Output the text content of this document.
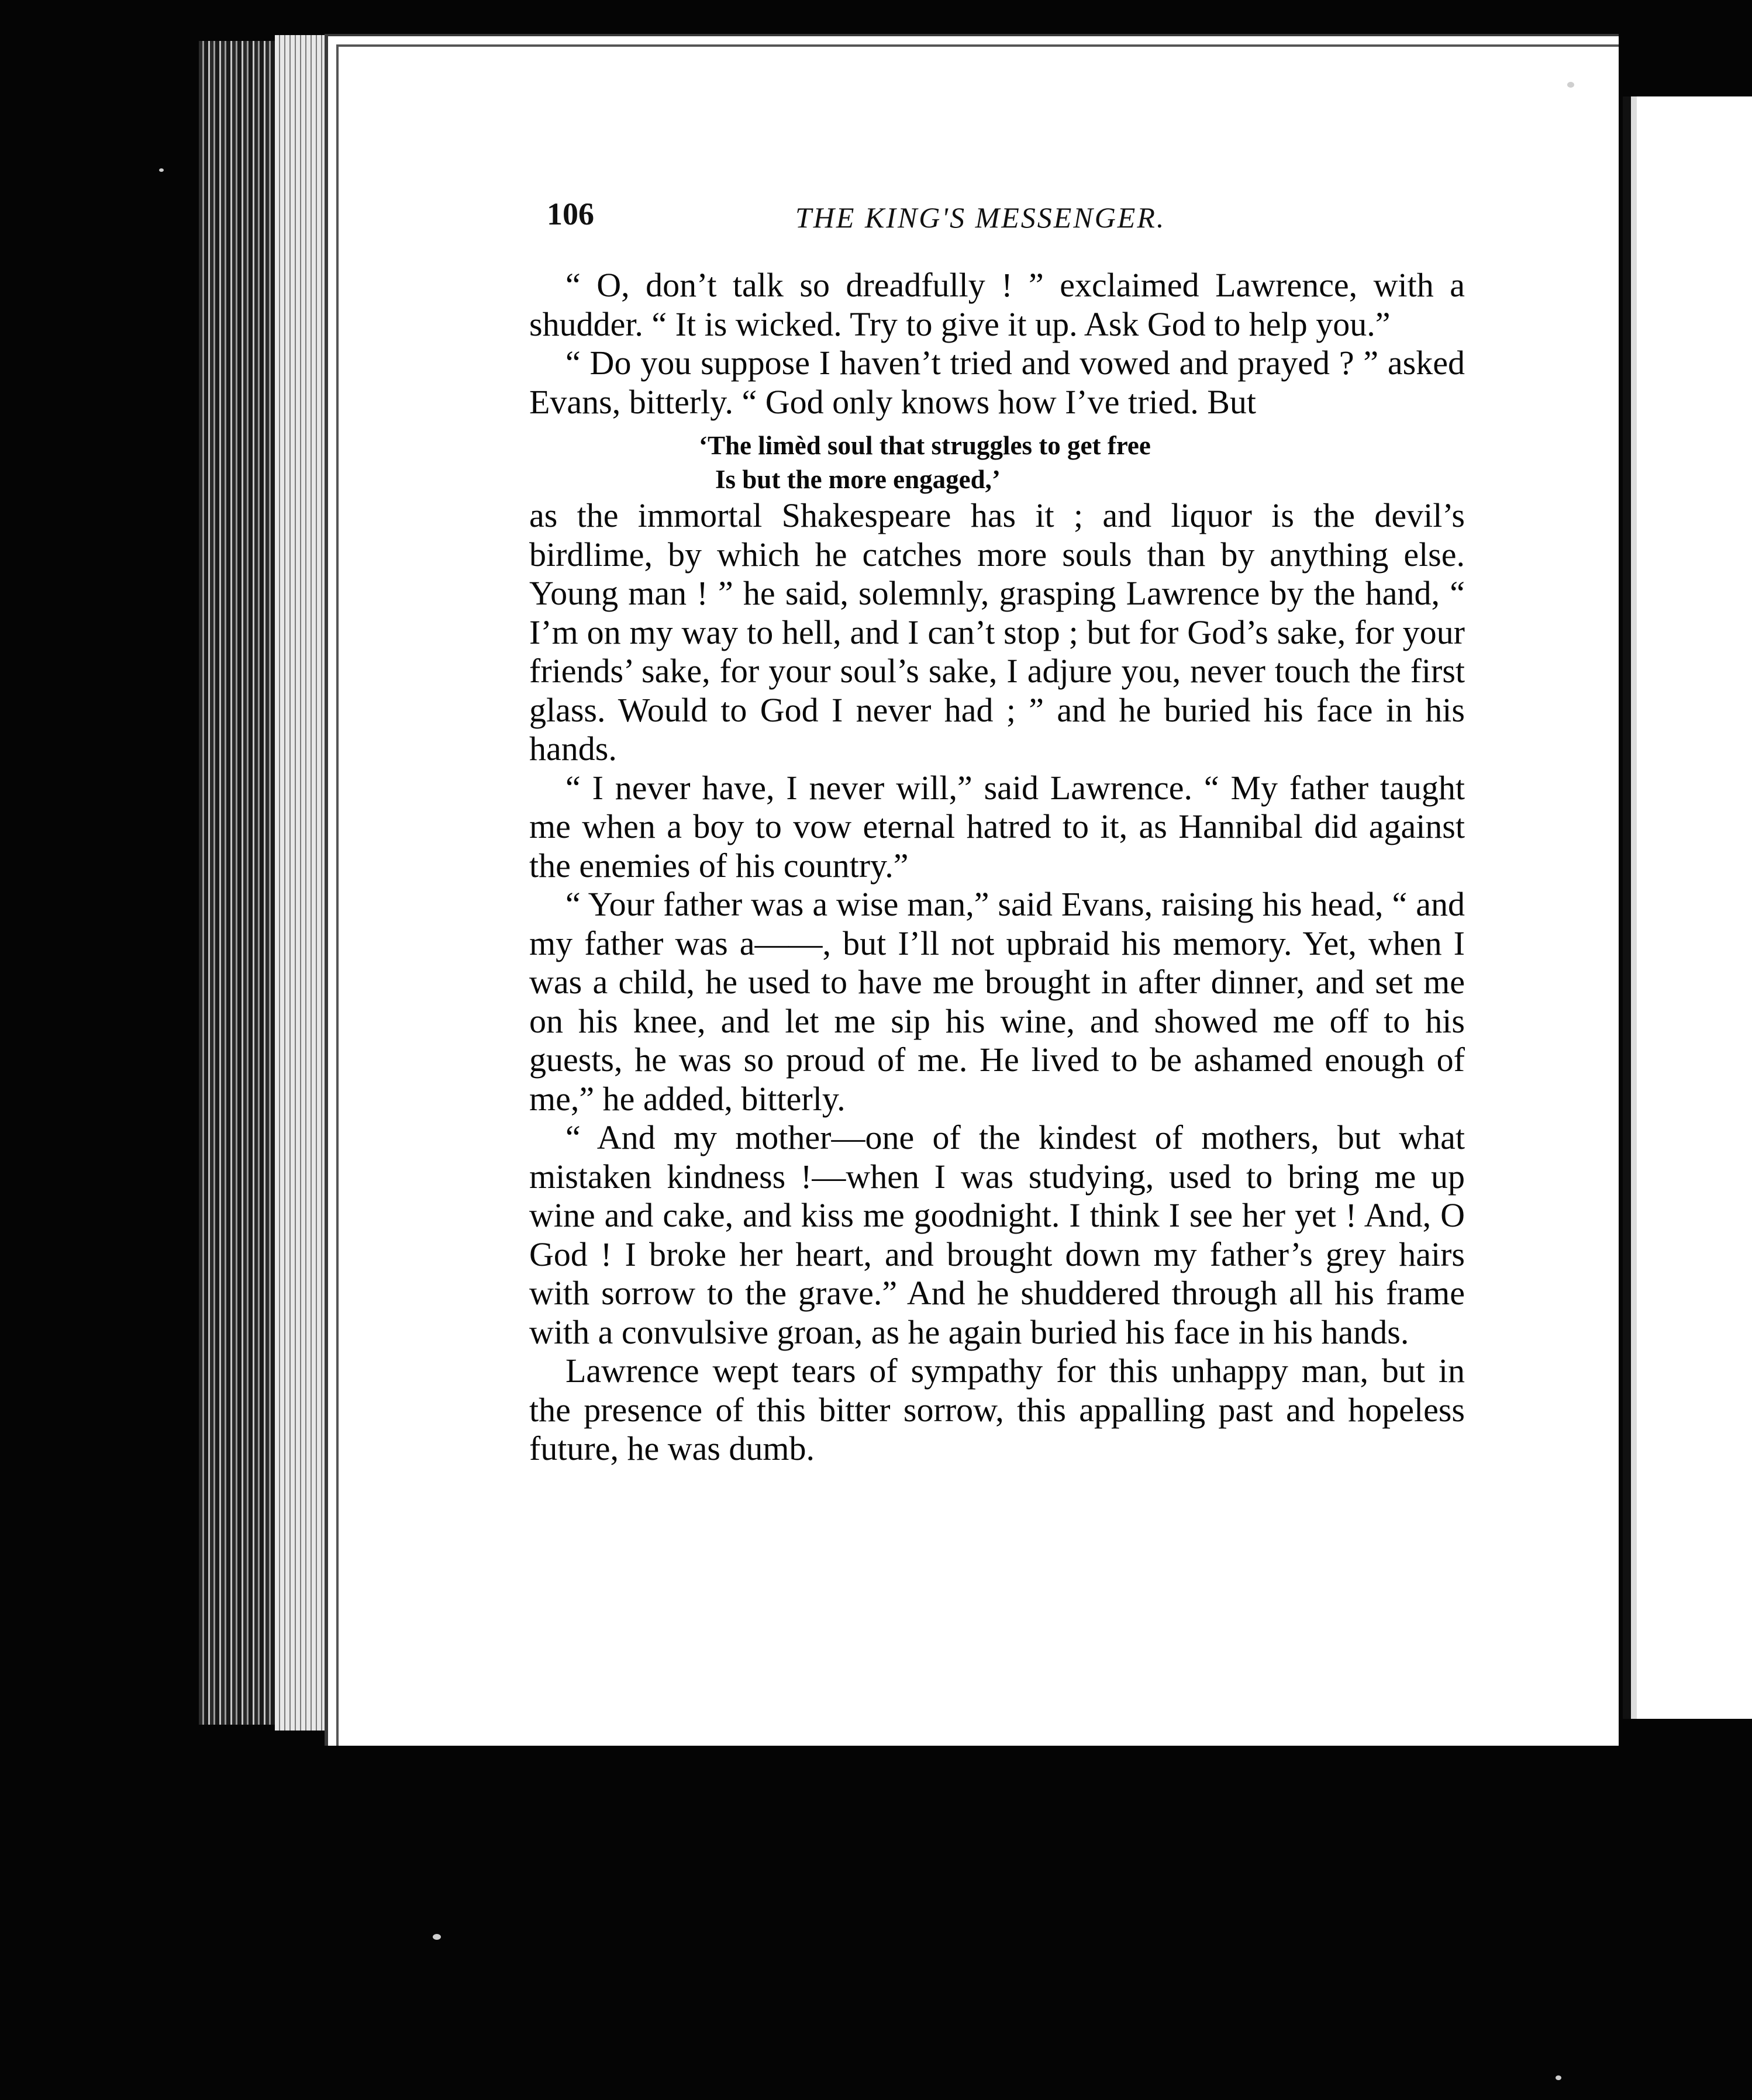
106	THE KING'S MESSENGER.

“ O, don’t talk so dreadfully ! ” exclaimed Lawrence, with a shudder. “ It is wicked. Try to give it up. Ask God to help you.”

“ Do you suppose I haven’t tried and vowed and prayed ? ” asked Evans, bitterly. “ God only knows how I’ve tried. But

‘The limèd soul that struggles to get free
Is but the more engaged,’

as the immortal Shakespeare has it ; and liquor is the devil’s birdlime, by which he catches more souls than by anything else. Young man ! ” he said, solemnly, grasping Lawrence by the hand, “ I’m on my way to hell, and I can’t stop ; but for God’s sake, for your friends’ sake, for your soul’s sake, I adjure you, never touch the first glass. Would to God I never had ; ” and he buried his face in his hands.

“ I never have, I never will,” said Lawrence. “ My father taught me when a boy to vow eternal hatred to it, as Hannibal did against the enemies of his country.”

“ Your father was a wise man,” said Evans, raising his head, “ and my father was a——, but I’ll not upbraid his memory. Yet, when I was a child, he used to have me brought in after dinner, and set me on his knee, and let me sip his wine, and showed me off to his guests, he was so proud of me. He lived to be ashamed enough of me,” he added, bitterly.

“ And my mother—one of the kindest of mothers, but what mistaken kindness !—when I was studying, used to bring me up wine and cake, and kiss me goodnight. I think I see her yet ! And, O God ! I broke her heart, and brought down my father’s grey hairs with sorrow to the grave.” And he shuddered through all his frame with a convulsive groan, as he again buried his face in his hands.

Lawrence wept tears of sympathy for this unhappy man, but in the presence of this bitter sorrow, this appalling past and hopeless future, he was dumb.
